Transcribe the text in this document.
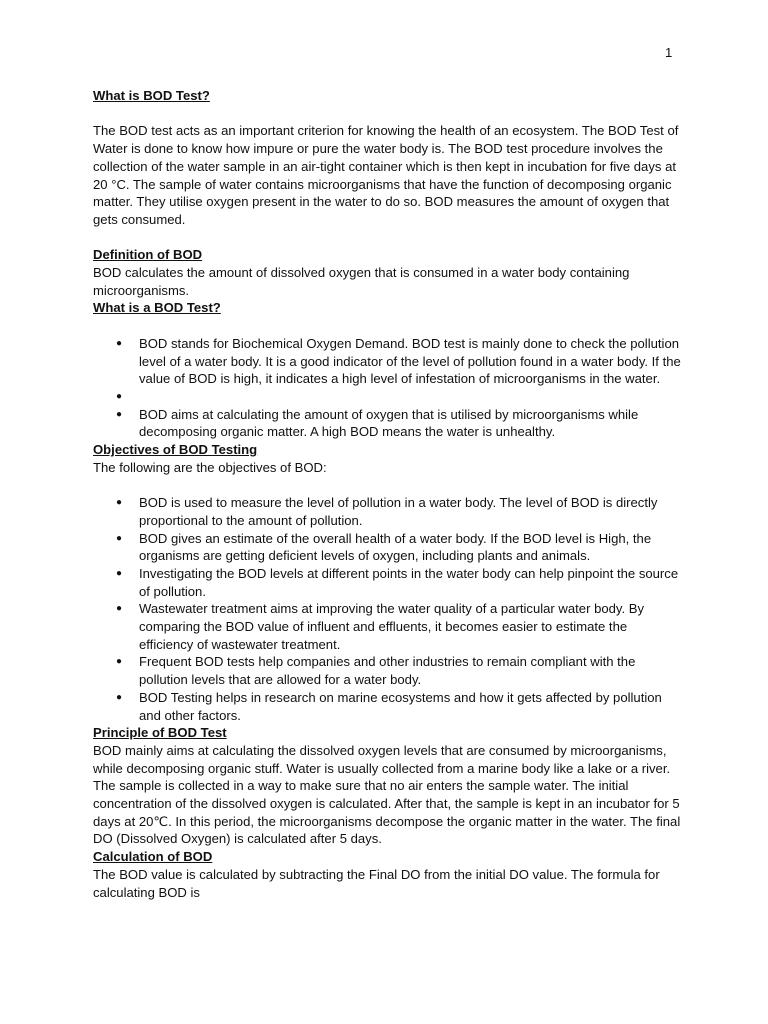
1
What is BOD Test?

The BOD test acts as an important criterion for knowing the health of an ecosystem. The BOD Test of Water is done to know how impure or pure the water body is. The BOD test procedure involves the collection of the water sample in an air-tight container which is then kept in incubation for five days at 20 °C. The sample of water contains microorganisms that have the function of decomposing organic matter. They utilise oxygen present in the water to do so. BOD measures the amount of oxygen that gets consumed.

Definition of BOD

BOD calculates the amount of dissolved oxygen that is consumed in a water body containing microorganisms.

What is a BOD Test?
● BOD stands for Biochemical Oxygen Demand. BOD test is mainly done to check the pollution level of a water body. It is a good indicator of the level of pollution found in a water body. If the value of BOD is high, it indicates a high level of infestation of microorganisms in the water.
●
● BOD aims at calculating the amount of oxygen that is utilised by microorganisms while decomposing organic matter. A high BOD means the water is unhealthy.
Objectives of BOD Testing

The following are the objectives of BOD:

● BOD is used to measure the level of pollution in a water body. The level of BOD is directly proportional to the amount of pollution.
● BOD gives an estimate of the overall health of a water body. If the BOD level is High, the organisms are getting deficient levels of oxygen, including plants and animals.
● Investigating the BOD levels at different points in the water body can help pinpoint the source of pollution.
● Wastewater treatment aims at improving the water quality of a particular water body. By comparing the BOD value of influent and effluents, it becomes easier to estimate the efficiency of wastewater treatment.
● Frequent BOD tests help companies and other industries to remain compliant with the pollution levels that are allowed for a water body.
● BOD Testing helps in research on marine ecosystems and how it gets affected by pollution and other factors.
Principle of BOD Test

BOD mainly aims at calculating the dissolved oxygen levels that are consumed by microorganisms, while decomposing organic stuff. Water is usually collected from a marine body like a lake or a river. The sample is collected in a way to make sure that no air enters the sample water. The initial concentration of the dissolved oxygen is calculated. After that, the sample is kept in an incubator for 5 days at 20℃. In this period, the microorganisms decompose the organic matter in the water. The final DO (Dissolved Oxygen) is calculated after 5 days.

Calculation of BOD

The BOD value is calculated by subtracting the Final DO from the initial DO value. The formula for calculating BOD is
